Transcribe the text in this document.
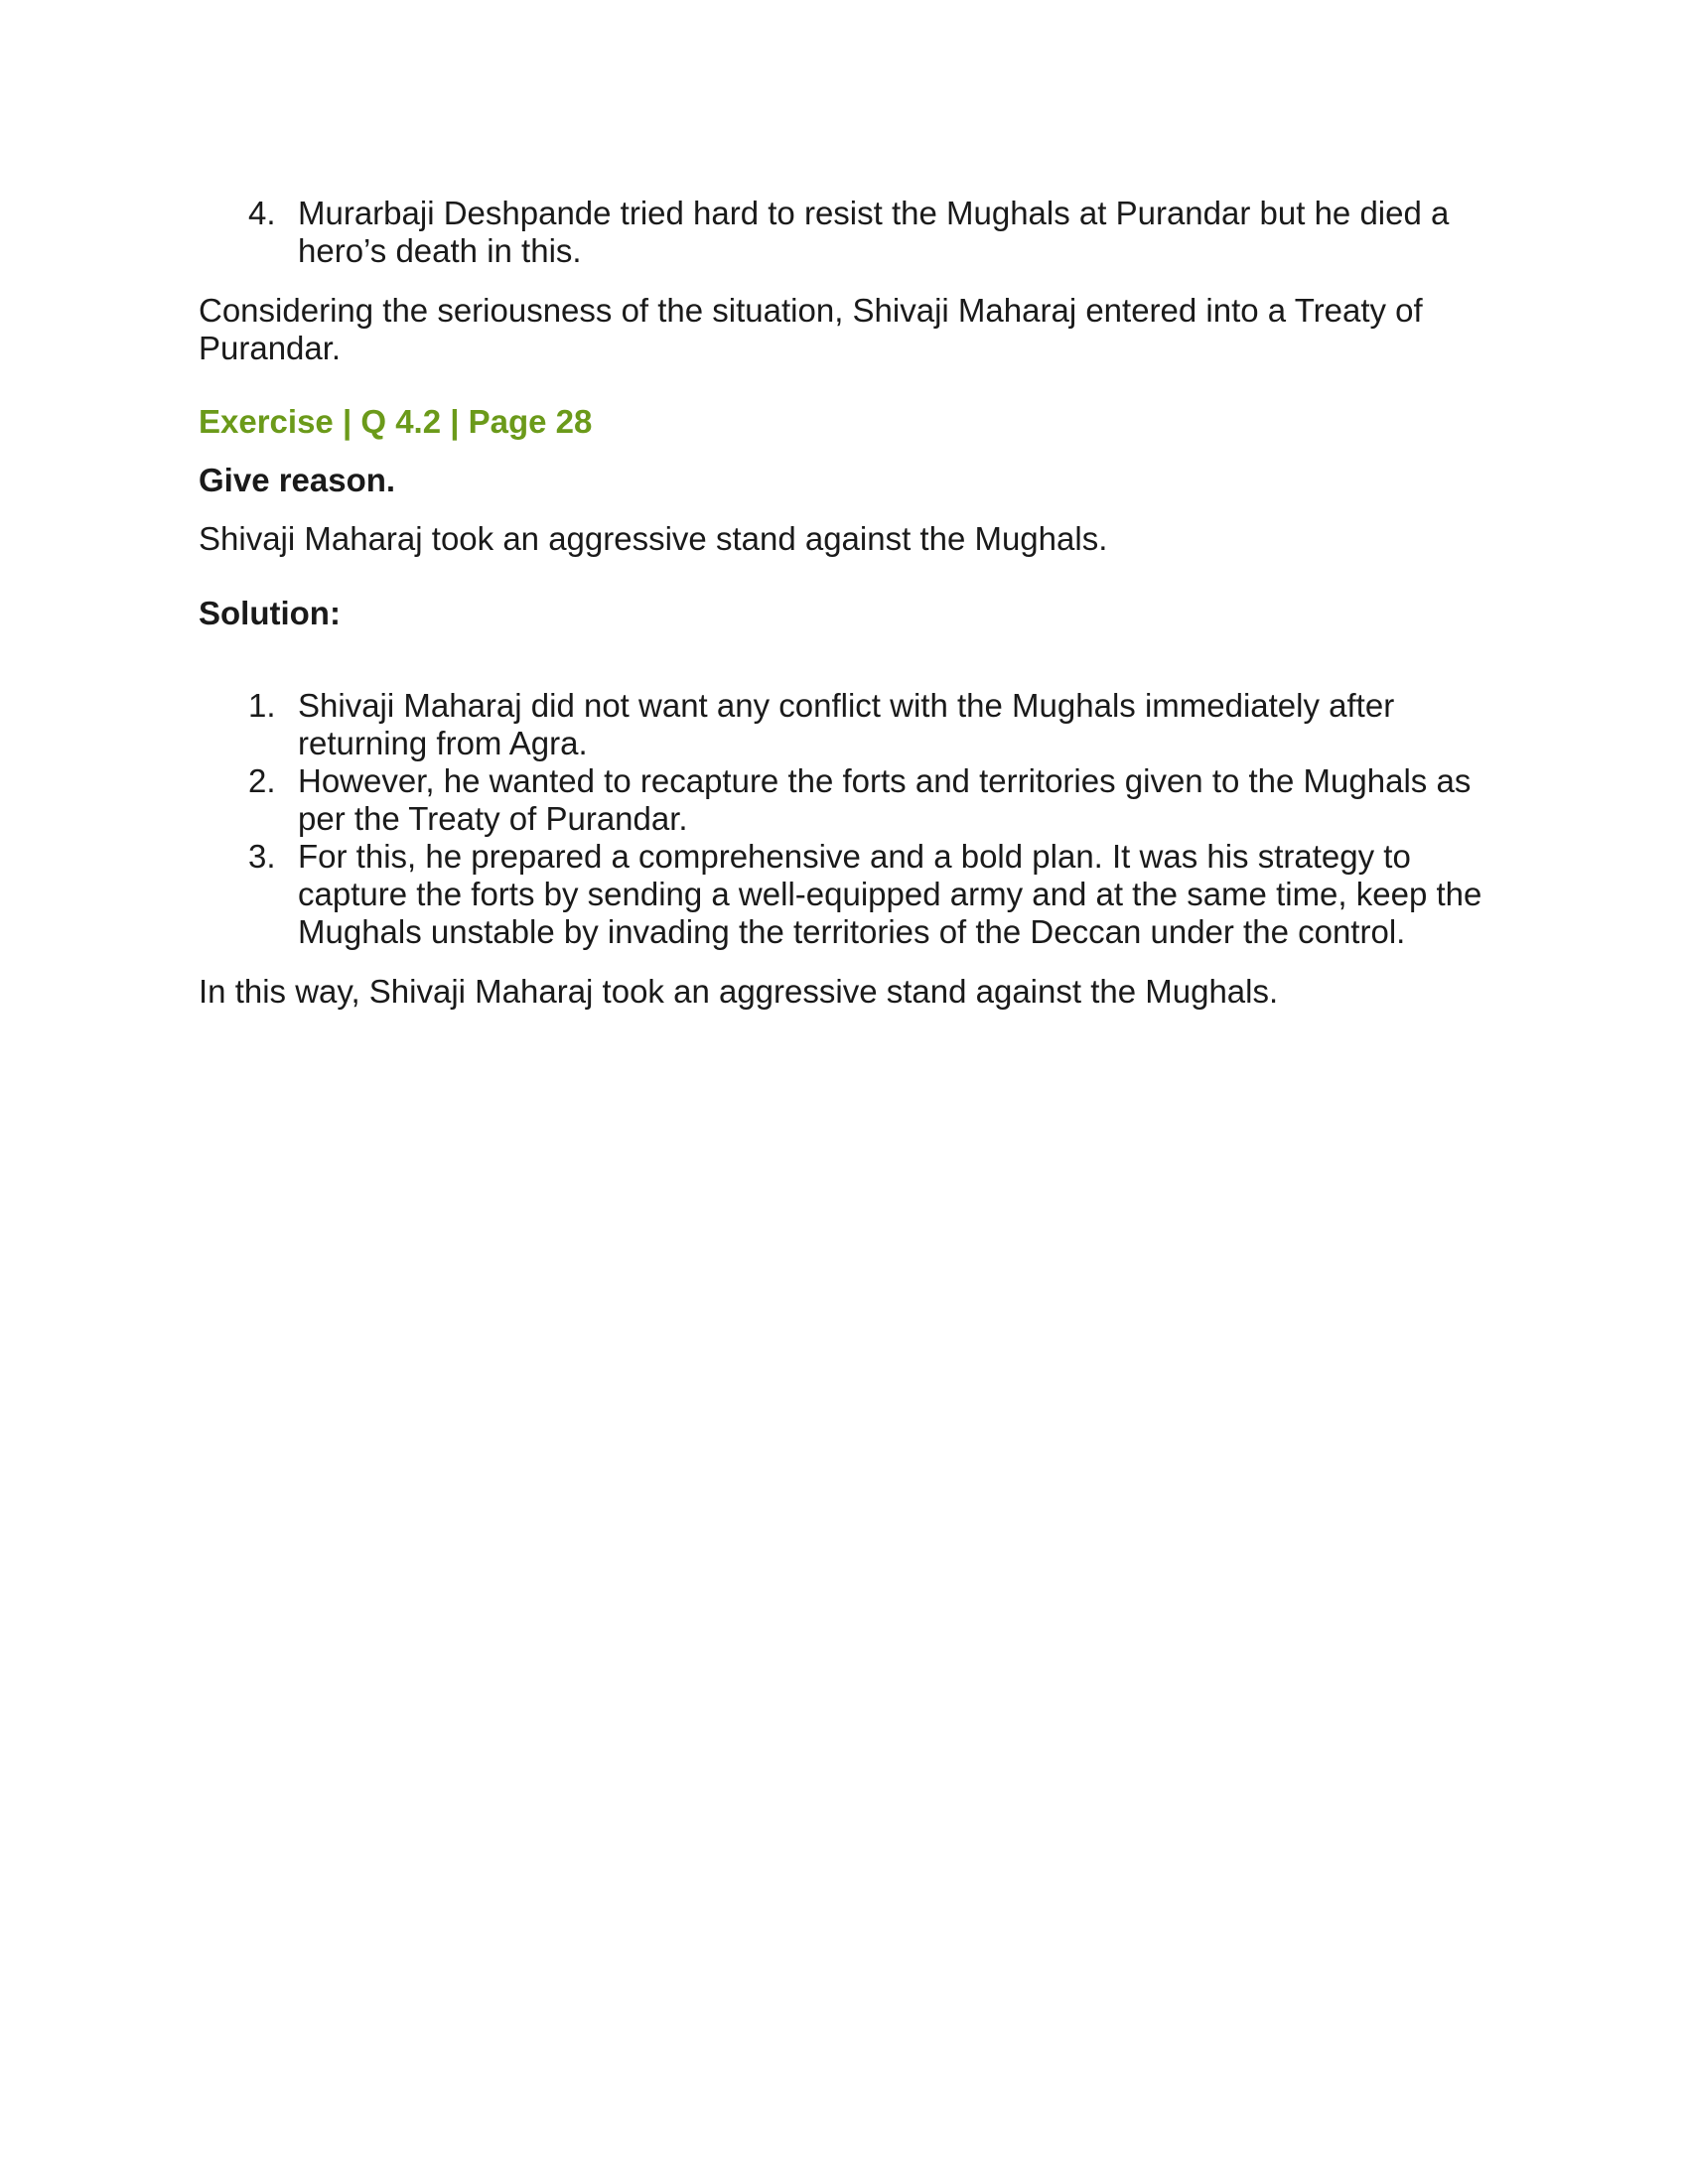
4. Murarbaji Deshpande tried hard to resist the Mughals at Purandar but he died a hero’s death in this.

Considering the seriousness of the situation, Shivaji Maharaj entered into a Treaty of Purandar.

Exercise | Q 4.2 | Page 28

Give reason.

Shivaji Maharaj took an aggressive stand against the Mughals.

Solution:

1. Shivaji Maharaj did not want any conflict with the Mughals immediately after returning from Agra.
2. However, he wanted to recapture the forts and territories given to the Mughals as per the Treaty of Purandar.
3. For this, he prepared a comprehensive and a bold plan. It was his strategy to capture the forts by sending a well-equipped army and at the same time, keep the Mughals unstable by invading the territories of the Deccan under the control.

In this way, Shivaji Maharaj took an aggressive stand against the Mughals.
